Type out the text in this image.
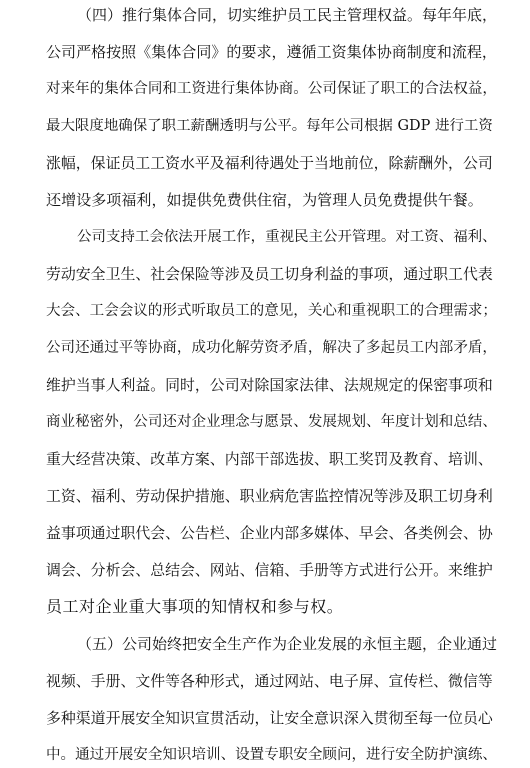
（ 四 ） 推 行 集 体 合 同 ， 切 实 维 护 员 工 民 主 管 理 权 益 。 每 年 年 底 ，
公 司 严 格 按 照 《 集 体 合 同 》 的 要 求 ， 遵 循 工 资 集 体 协 商 制 度 和 流 程 ，
对 来 年 的 集 体 合 同 和 工 资 进 行 集 体 协 商 。 公 司 保 证 了 职 工 的 合 法 权 益 ，
最 大 限 度 地 确 保 了 职 工 薪 酬 透 明 与 公 平 。 每 年 公 司 根 据
G D P
进 行 工 资
涨 幅 ， 保 证 员 工 工 资 水 平 及 福 利 待 遇 处 于 当 地 前 位 ， 除 薪 酬 外 ， 公 司
还 增 设 多 项 福 利 ， 如 提 供 免 费 供 住 宿 ， 为 管 理 人 员 免 费 提 供 午 餐 。
公 司 支 持 工 会 依 法 开 展 工 作 ， 重 视 民 主 公 开 管 理 。 对 工 资 、 福 利 、
劳 动 安 全 卫 生 、 社 会 保 险 等 涉 及 员 工 切 身 利 益 的 事 项 ， 通 过 职 工 代 表
大 会 、 工 会 会 议 的 形 式 听 取 员 工 的 意 见 ， 关 心 和 重 视 职 工 的 合 理 需 求 ；
公 司 还 通 过 平 等 协 商 ， 成 功 化 解 劳 资 矛 盾 ， 解 决 了 多 起 员 工 内 部 矛 盾 ，
维 护 当 事 人 利 益 。 同 时 ， 公 司 对 除 国 家 法 律 、 法 规 规 定 的 保 密 事 项 和
商 业 秘 密 外 ， 公 司 还 对 企 业 理 念 与 愿 景 、 发 展 规 划 、 年 度 计 划 和 总 结 、
重 大 经 营 决 策 、 改 革 方 案 、 内 部 干 部 选 拔 、 职 工 奖 罚 及 教 育 、 培 训 、
工 资 、 福 利 、 劳 动 保 护 措 施 、 职 业 病 危 害 监 控 情 况 等 涉 及 职 工 切 身 利
益 事 项 通 过 职 代 会 、 公 告 栏 、 企 业 内 部 多 媒 体 、 早 会 、 各 类 例 会 、 协
调 会 、 分 析 会 、 总 结 会 、 网 站 、 信 箱 、 手 册 等 方 式 进 行 公 开 。 来 维 护
员 工 对 企 业 重 大 事 项 的 知 情 权 和 参 与 权 。
（ 五 ） 公 司 始 终 把 安 全 生 产 作 为 企 业 发 展 的 永 恒 主 题 ， 企 业 通 过
视 频 、 手 册 、 文 件 等 各 种 形 式 ， 通 过 网 站 、 电 子 屏 、 宣 传 栏 、 微 信 等
多 种 渠 道 开 展 安 全 知 识 宣 贯 活 动 ， 让 安 全 意 识 深 入 贯 彻 至 每 一 位 员 心
中 。 通 过 开 展 安 全 知 识 培 训 、 设 置 专 职 安 全 顾 问 ， 进 行 安 全 防 护 演 练 、
